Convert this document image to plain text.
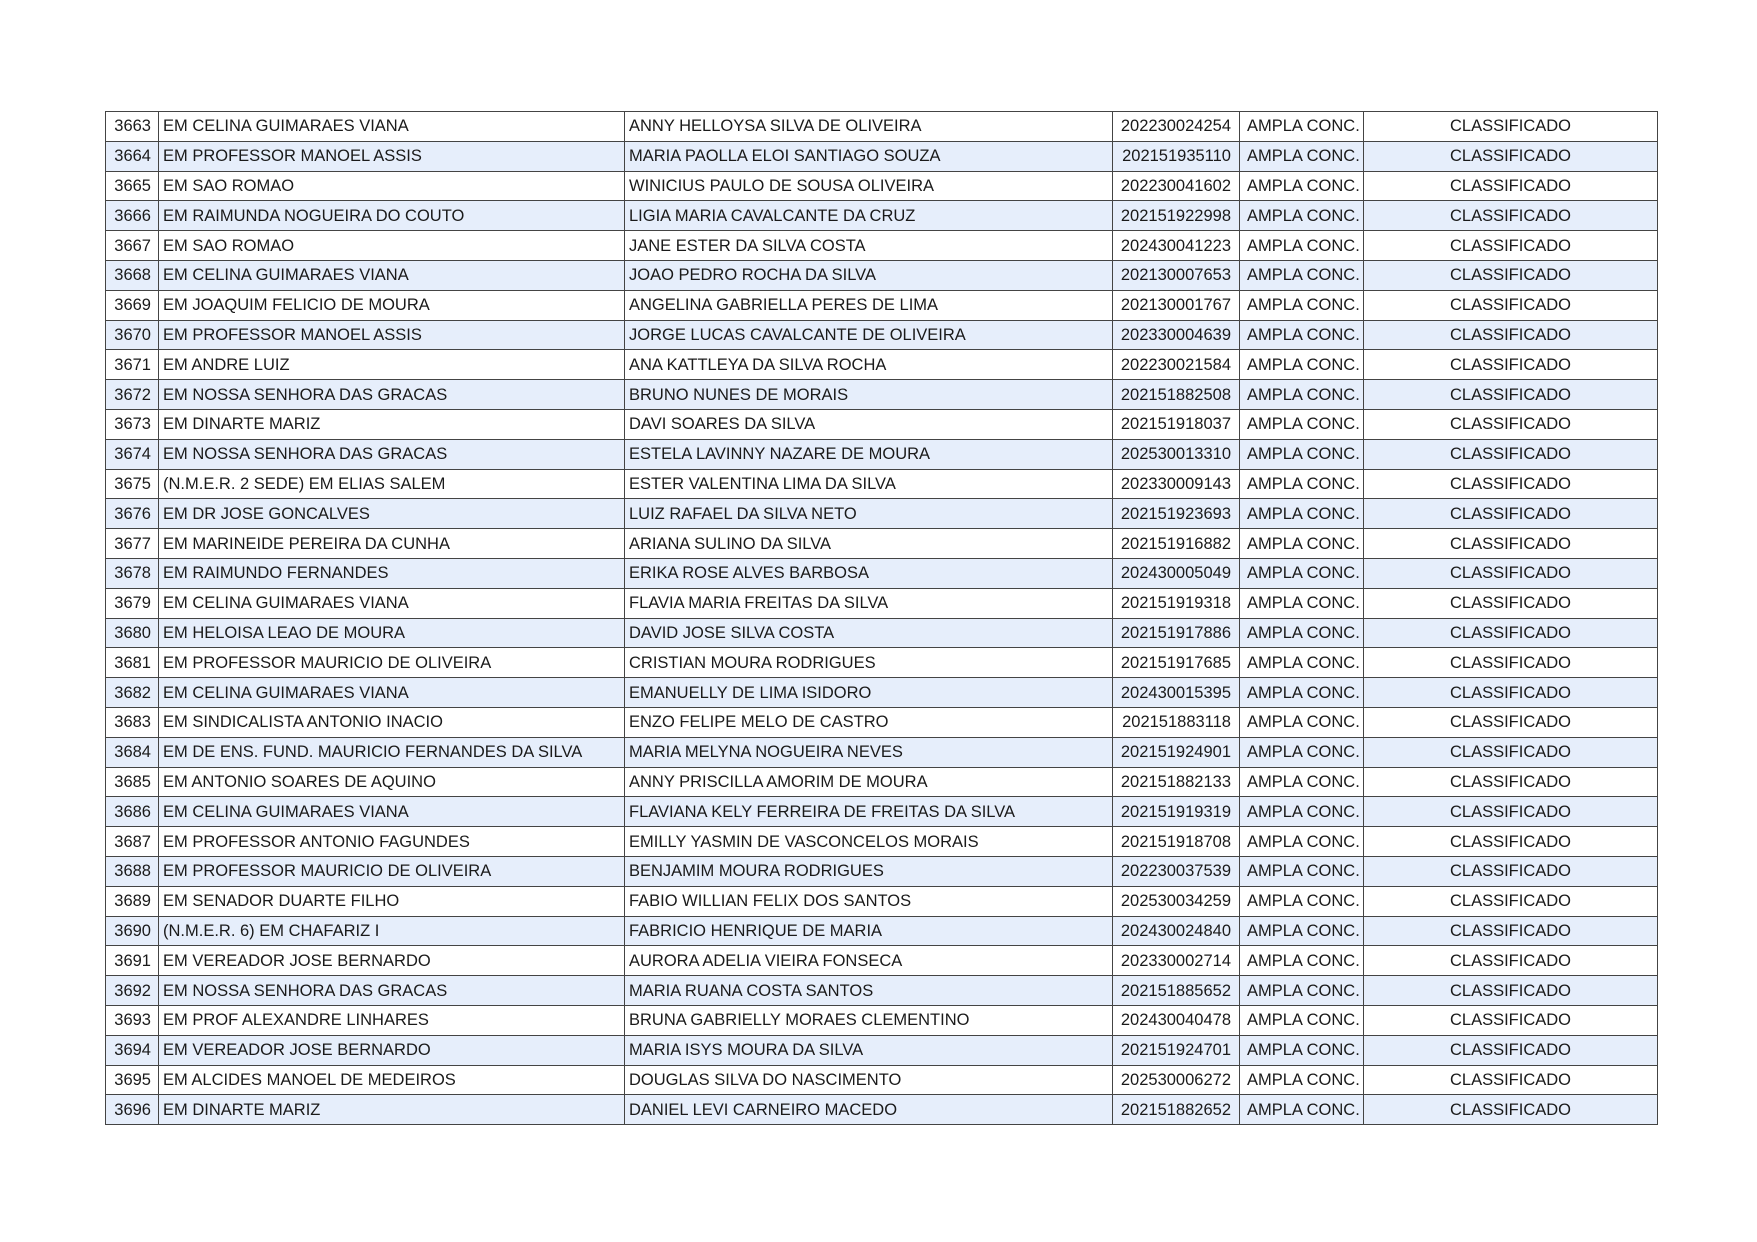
3663	EM CELINA GUIMARAES VIANA	ANNY HELLOYSA SILVA DE OLIVEIRA	202230024254	AMPLA CONC.	CLASSIFICADO
3664	EM PROFESSOR MANOEL ASSIS	MARIA PAOLLA ELOI SANTIAGO SOUZA	202151935110	AMPLA CONC.	CLASSIFICADO
3665	EM SAO ROMAO	WINICIUS PAULO DE SOUSA OLIVEIRA	202230041602	AMPLA CONC.	CLASSIFICADO
3666	EM RAIMUNDA NOGUEIRA DO COUTO	LIGIA MARIA CAVALCANTE DA CRUZ	202151922998	AMPLA CONC.	CLASSIFICADO
3667	EM SAO ROMAO	JANE ESTER DA SILVA COSTA	202430041223	AMPLA CONC.	CLASSIFICADO
3668	EM CELINA GUIMARAES VIANA	JOAO PEDRO ROCHA DA SILVA	202130007653	AMPLA CONC.	CLASSIFICADO
3669	EM JOAQUIM FELICIO DE MOURA	ANGELINA GABRIELLA PERES DE LIMA	202130001767	AMPLA CONC.	CLASSIFICADO
3670	EM PROFESSOR MANOEL ASSIS	JORGE LUCAS CAVALCANTE DE OLIVEIRA	202330004639	AMPLA CONC.	CLASSIFICADO
3671	EM ANDRE LUIZ	ANA KATTLEYA DA SILVA ROCHA	202230021584	AMPLA CONC.	CLASSIFICADO
3672	EM NOSSA SENHORA DAS GRACAS	BRUNO NUNES DE MORAIS	202151882508	AMPLA CONC.	CLASSIFICADO
3673	EM DINARTE MARIZ	DAVI SOARES DA SILVA	202151918037	AMPLA CONC.	CLASSIFICADO
3674	EM NOSSA SENHORA DAS GRACAS	ESTELA LAVINNY NAZARE DE MOURA	202530013310	AMPLA CONC.	CLASSIFICADO
3675	(N.M.E.R. 2 SEDE) EM ELIAS SALEM	ESTER VALENTINA LIMA DA SILVA	202330009143	AMPLA CONC.	CLASSIFICADO
3676	EM DR JOSE GONCALVES	LUIZ RAFAEL DA SILVA NETO	202151923693	AMPLA CONC.	CLASSIFICADO
3677	EM MARINEIDE PEREIRA DA CUNHA	ARIANA SULINO DA SILVA	202151916882	AMPLA CONC.	CLASSIFICADO
3678	EM RAIMUNDO FERNANDES	ERIKA ROSE ALVES BARBOSA	202430005049	AMPLA CONC.	CLASSIFICADO
3679	EM CELINA GUIMARAES VIANA	FLAVIA MARIA FREITAS DA SILVA	202151919318	AMPLA CONC.	CLASSIFICADO
3680	EM HELOISA LEAO DE MOURA	DAVID JOSE SILVA COSTA	202151917886	AMPLA CONC.	CLASSIFICADO
3681	EM PROFESSOR MAURICIO DE OLIVEIRA	CRISTIAN MOURA RODRIGUES	202151917685	AMPLA CONC.	CLASSIFICADO
3682	EM CELINA GUIMARAES VIANA	EMANUELLY DE LIMA ISIDORO	202430015395	AMPLA CONC.	CLASSIFICADO
3683	EM SINDICALISTA ANTONIO INACIO	ENZO FELIPE MELO DE CASTRO	202151883118	AMPLA CONC.	CLASSIFICADO
3684	EM DE ENS. FUND. MAURICIO FERNANDES DA SILVA	MARIA MELYNA NOGUEIRA NEVES	202151924901	AMPLA CONC.	CLASSIFICADO
3685	EM ANTONIO SOARES DE AQUINO	ANNY PRISCILLA AMORIM DE MOURA	202151882133	AMPLA CONC.	CLASSIFICADO
3686	EM CELINA GUIMARAES VIANA	FLAVIANA KELY FERREIRA DE FREITAS DA SILVA	202151919319	AMPLA CONC.	CLASSIFICADO
3687	EM PROFESSOR ANTONIO FAGUNDES	EMILLY YASMIN DE VASCONCELOS MORAIS	202151918708	AMPLA CONC.	CLASSIFICADO
3688	EM PROFESSOR MAURICIO DE OLIVEIRA	BENJAMIM MOURA RODRIGUES	202230037539	AMPLA CONC.	CLASSIFICADO
3689	EM SENADOR DUARTE FILHO	FABIO WILLIAN FELIX DOS SANTOS	202530034259	AMPLA CONC.	CLASSIFICADO
3690	(N.M.E.R. 6) EM CHAFARIZ I	FABRICIO HENRIQUE DE MARIA	202430024840	AMPLA CONC.	CLASSIFICADO
3691	EM VEREADOR JOSE BERNARDO	AURORA ADELIA VIEIRA FONSECA	202330002714	AMPLA CONC.	CLASSIFICADO
3692	EM NOSSA SENHORA DAS GRACAS	MARIA RUANA COSTA SANTOS	202151885652	AMPLA CONC.	CLASSIFICADO
3693	EM PROF ALEXANDRE LINHARES	BRUNA GABRIELLY MORAES CLEMENTINO	202430040478	AMPLA CONC.	CLASSIFICADO
3694	EM VEREADOR JOSE BERNARDO	MARIA ISYS MOURA DA SILVA	202151924701	AMPLA CONC.	CLASSIFICADO
3695	EM ALCIDES MANOEL DE MEDEIROS	DOUGLAS SILVA DO NASCIMENTO	202530006272	AMPLA CONC.	CLASSIFICADO
3696	EM DINARTE MARIZ	DANIEL LEVI CARNEIRO MACEDO	202151882652	AMPLA CONC.	CLASSIFICADO
